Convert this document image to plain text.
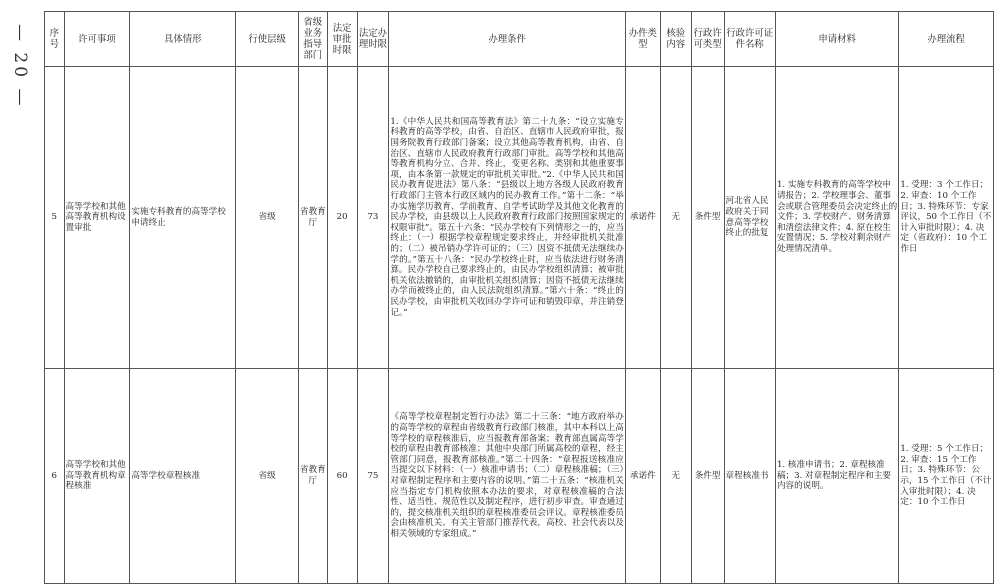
— 20 — 序号	许可事项	具体情形	行使层级	省级业务指导部门	法定审批时限	法定办理时限	办理条件	办件类型	核验内容	行政许可类型	行政许可证件名称	申请材料	办理流程
5	高等学校和其他高等教育机构设置审批	实施专科教育的高等学校申请终止	省级	省教育厅	20	73	1.《中华人民共和国高等教育法》第二十九条：“设立实施专科教育的高等学校，由省、自治区、直辖市人民政府审批，报国务院教育行政部门备案；设立其他高等教育机构，由省、自治区、直辖市人民政府教育行政部门审批。高等学校和其他高等教育机构分立、合并、终止，变更名称、类别和其他重要事项，由本条第一款规定的审批机关审批。”2.《中华人民共和国民办教育促进法》第八条：“县级以上地方各级人民政府教育行政部门主管本行政区域内的民办教育工作。”第十二条：“举办实施学历教育、学前教育、自学考试助学及其他文化教育的民办学校，由县级以上人民政府教育行政部门按照国家规定的权限审批”。第五十六条：“民办学校有下列情形之一的，应当终止：（一）根据学校章程规定要求终止，并经审批机关批准的；（二）被吊销办学许可证的；（三）因资不抵债无法继续办学的。”第五十八条：“民办学校终止时，应当依法进行财务清算。民办学校自己要求终止的，由民办学校组织清算；被审批机关依法撤销的，由审批机关组织清算；因资不抵债无法继续办学而被终止的，由人民法院组织清算。”第六十条：“终止的民办学校，由审批机关收回办学许可证和销毁印章，并注销登记。”	承诺件	无	条件型	河北省人民政府关于同意高等学校终止的批复	1. 实施专科教育的高等学校申请报告；2. 学校理事会、董事会或联合管理委员会决定终止的文件；3. 学校财产、财务清算和清偿法律文件；4. 原在校生安置情况；5. 学校对剩余财产处理情况清单。	1. 受理：3 个工作日；2. 审查：10 个工作日；3. 特殊环节：专家评议，50 个工作日（不计入审批时限）；4. 决定（省政府）：10 个工作日
6	高等学校和其他高等教育机构章程核准	高等学校章程核准	省级	省教育厅	60	75	《高等学校章程制定暂行办法》第二十三条：“地方政府举办的高等学校的章程由省级教育行政部门核准，其中本科以上高等学校的章程核准后，应当报教育部备案；教育部直属高等学校的章程由教育部核准；其他中央部门所属高校的章程，经主管部门同意，报教育部核准。”第二十四条：“章程报送核准应当提交以下材料：（一）核准申请书；（二）章程核准稿；（三）对章程制定程序和主要内容的说明。”第二十五条：“核准机关应当指定专门机构依照本办法的要求，对章程核准稿的合法性、适当性、规范性以及制定程序，进行初步审查。审查通过的，提交核准机关组织的章程核准委员会评议。章程核准委员会由核准机关、有关主管部门推荐代表，高校、社会代表以及相关领域的专家组成。”	承诺件	无	条件型	章程核准书	1. 核准申请书；2. 章程核准稿；3. 对章程制定程序和主要内容的说明。	1. 受理：5 个工作日；2. 审查：15 个工作日；3. 特殊环节：公示，15 个工作日（不计入审批时限）；4. 决定：10 个工作日
